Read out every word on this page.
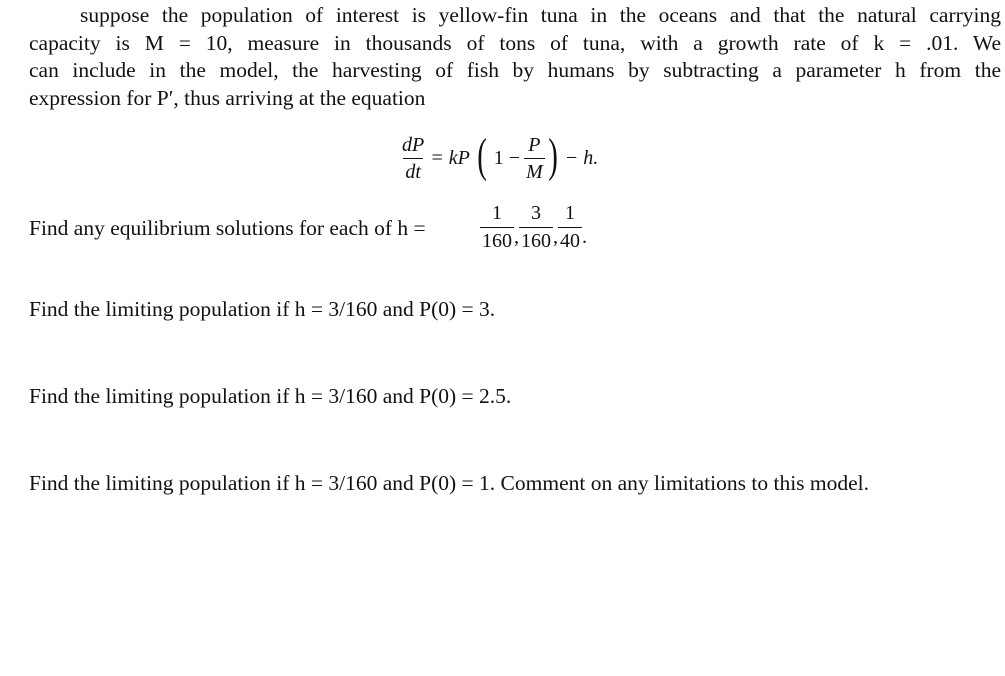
suppose the population of interest is yellow-fin tuna in the oceans and that the natural carrying
capacity is M = 10, measure in thousands of tons of tuna, with a growth rate of k = .01. We
can include in the model, the harvesting of fish by humans by subtracting a parameter h from the
expression for P′, thus arriving at the equation
$\frac{dP}{dt}$ = kP ( $1 - \frac{P}{M}$ ) − h.
Find any equilibrium solutions for each of h =	$\frac{1}{160}$ , $\frac{3}{160}$ , $\frac{1}{40}$ .
Find the limiting population if h = 3/160 and P(0) = 3.
Find the limiting population if h = 3/160 and P(0) = 2.5.
Find the limiting population if h = 3/160 and P(0) = 1. Comment on any limitations to this model.
